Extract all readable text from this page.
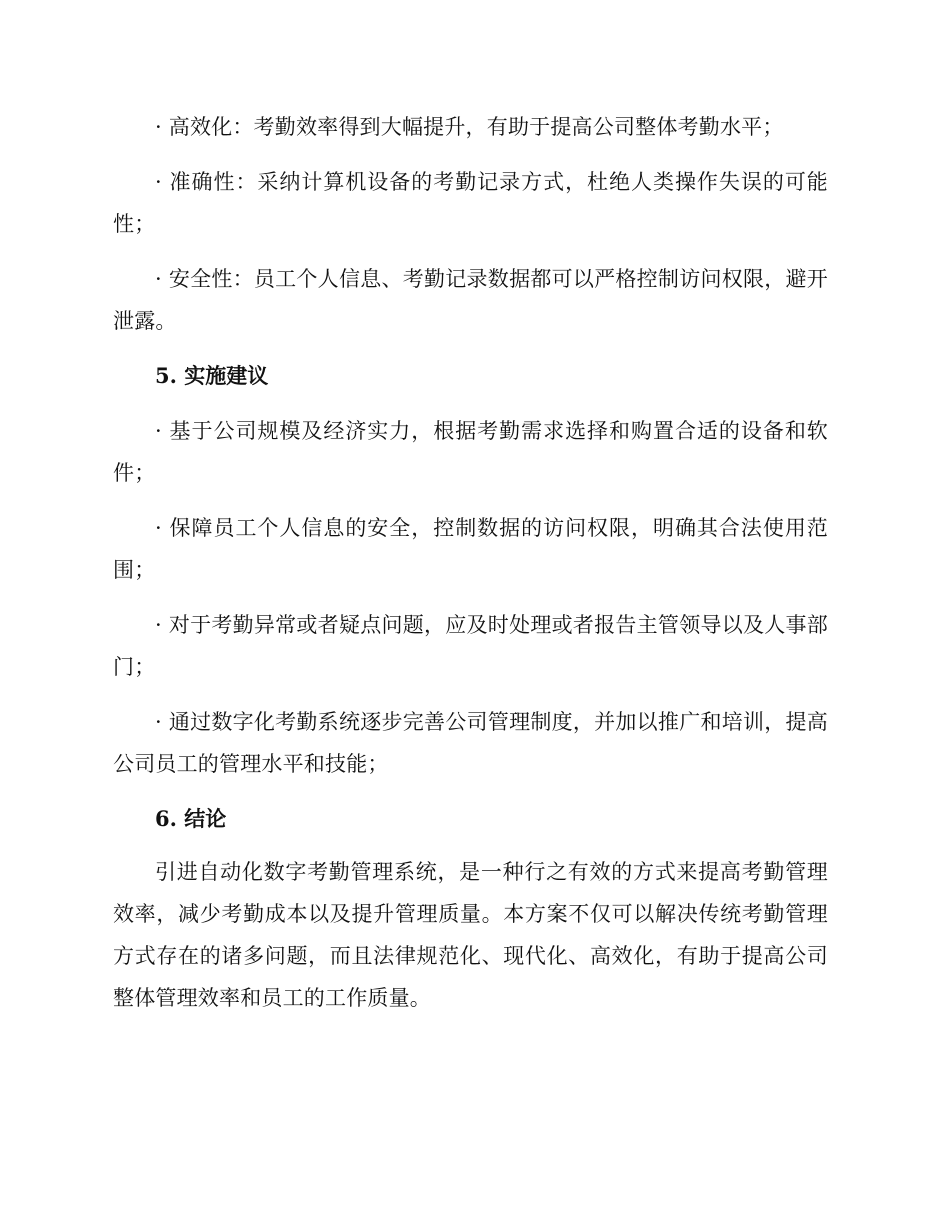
· 高效化：考勤效率得到大幅提升，有助于提高公司整体考勤水平；

· 准确性：采纳计算机设备的考勤记录方式，杜绝人类操作失误的可能性；

· 安全性：员工个人信息、考勤记录数据都可以严格控制访问权限，避开泄露。

5. 实施建议

· 基于公司规模及经济实力，根据考勤需求选择和购置合适的设备和软件；

· 保障员工个人信息的安全，控制数据的访问权限，明确其合法使用范围；

· 对于考勤异常或者疑点问题，应及时处理或者报告主管领导以及人事部门；

· 通过数字化考勤系统逐步完善公司管理制度，并加以推广和培训，提高公司员工的管理水平和技能；

6. 结论

引进自动化数字考勤管理系统，是一种行之有效的方式来提高考勤管理效率，减少考勤成本以及提升管理质量。本方案不仅可以解决传统考勤管理方式存在的诸多问题，而且法律规范化、现代化、高效化，有助于提高公司整体管理效率和员工的工作质量。
